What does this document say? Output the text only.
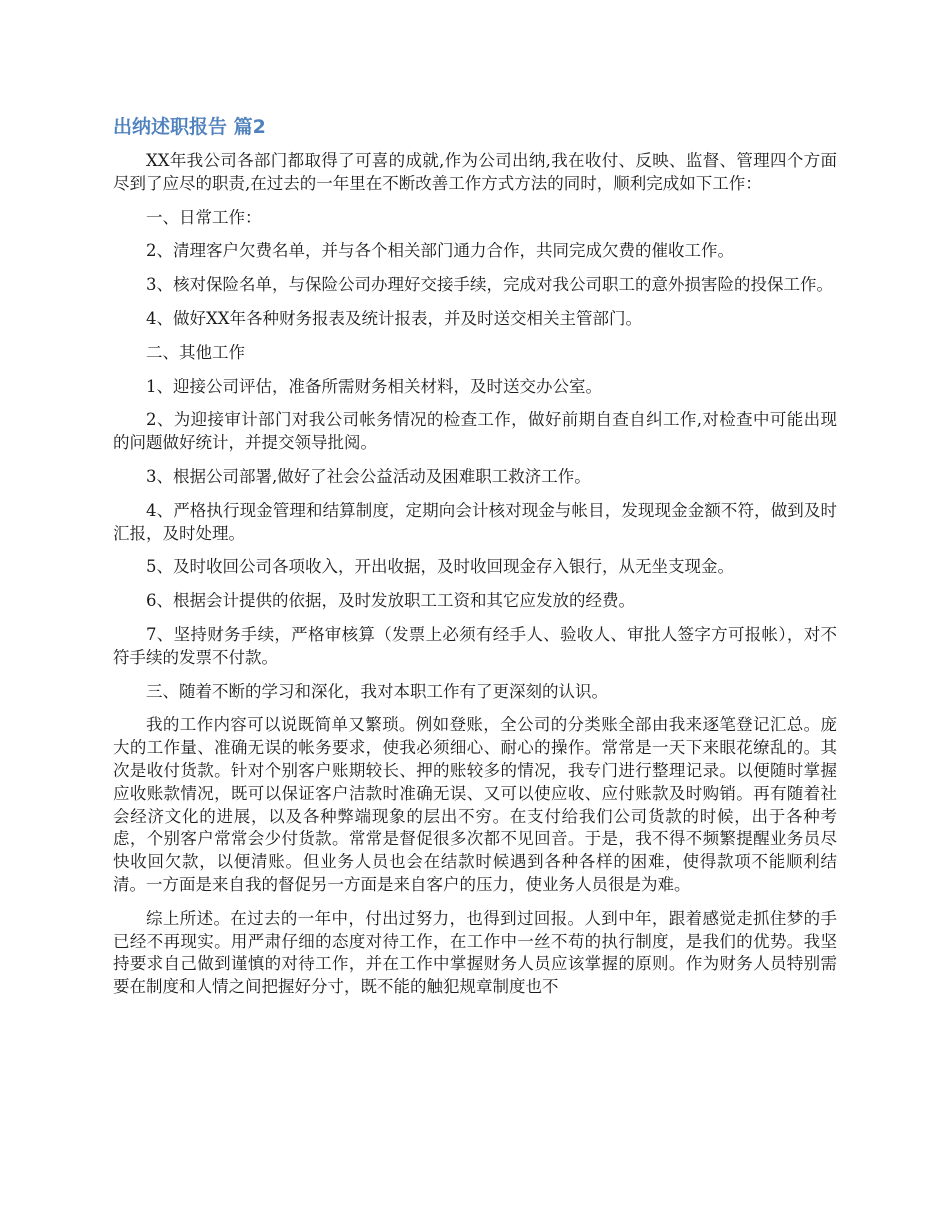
出纳述职报告 篇2

XX年我公司各部门都取得了可喜的成就,作为公司出纳,我在收付、反映、监督、管理四个方面尽到了应尽的职责,在过去的一年里在不断改善工作方式方法的同时，顺利完成如下工作：

一、日常工作：

2、清理客户欠费名单，并与各个相关部门通力合作，共同完成欠费的催收工作。

3、核对保险名单，与保险公司办理好交接手续，完成对我公司职工的意外损害险的投保工作。

4、做好XX年各种财务报表及统计报表，并及时送交相关主管部门。

二、其他工作

1、迎接公司评估，准备所需财务相关材料，及时送交办公室。

2、为迎接审计部门对我公司帐务情况的检查工作，做好前期自查自纠工作,对检查中可能出现的问题做好统计，并提交领导批阅。

3、根据公司部署,做好了社会公益活动及困难职工救济工作。

4、严格执行现金管理和结算制度，定期向会计核对现金与帐目，发现现金金额不符，做到及时汇报，及时处理。

5、及时收回公司各项收入，开出收据，及时收回现金存入银行，从无坐支现金。

6、根据会计提供的依据，及时发放职工工资和其它应发放的经费。

7、坚持财务手续，严格审核算（发票上必须有经手人、验收人、审批人签字方可报帐），对不符手续的发票不付款。

三、随着不断的学习和深化，我对本职工作有了更深刻的认识。

我的工作内容可以说既简单又繁琐。例如登账，全公司的分类账全部由我来逐笔登记汇总。庞大的工作量、准确无误的帐务要求，使我必须细心、耐心的操作。常常是一天下来眼花缭乱的。其次是收付货款。针对个别客户账期较长、押的账较多的情况，我专门进行整理记录。以便随时掌握应收账款情况，既可以保证客户洁款时准确无误、又可以使应收、应付账款及时购销。再有随着社会经济文化的进展，以及各种弊端现象的层出不穷。在支付给我们公司货款的时候，出于各种考虑，个别客户常常会少付货款。常常是督促很多次都不见回音。于是，我不得不频繁提醒业务员尽快收回欠款，以便清账。但业务人员也会在结款时候遇到各种各样的困难，使得款项不能顺利结清。一方面是来自我的督促另一方面是来自客户的压力，使业务人员很是为难。

综上所述。在过去的一年中，付出过努力，也得到过回报。人到中年，跟着感觉走抓住梦的手已经不再现实。用严肃仔细的态度对待工作，在工作中一丝不苟的执行制度，是我们的优势。我坚持要求自己做到谨慎的对待工作，并在工作中掌握财务人员应该掌握的原则。作为财务人员特别需要在制度和人情之间把握好分寸，既不能的触犯规章制度也不
